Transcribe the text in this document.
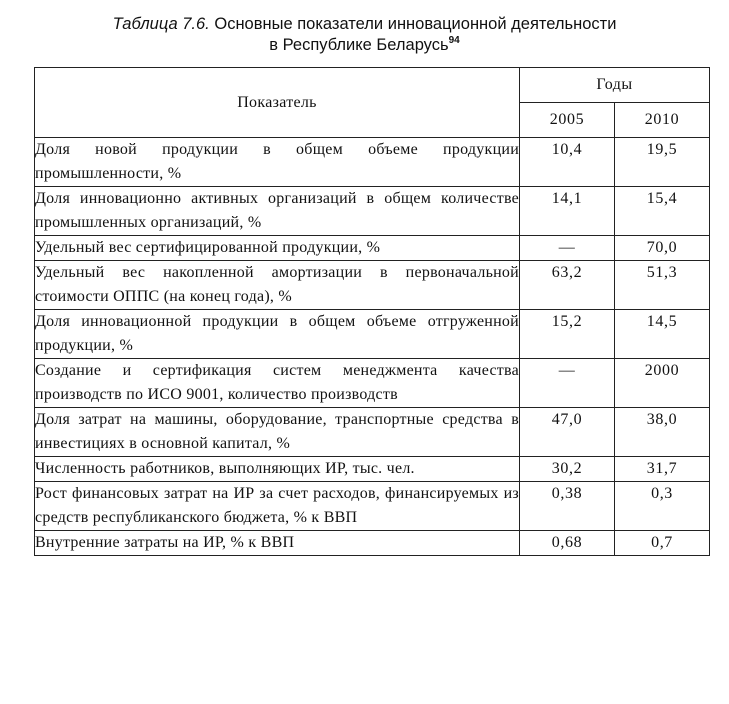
Таблица 7.6. Основные показатели инновационной деятельности
в Республике Беларусь$^{94}$
Показатель	Годы	
	2005	2010
Доля новой продукции в общем объеме продукции промышленности, %	10,4	19,5
Доля инновационно активных организаций в общем количестве промышленных организаций, %	14,1	15,4
Удельный вес сертифицированной продукции, %	—	70,0
Удельный вес накопленной амортизации в первоначальной стоимости ОППС (на конец года), %	63,2	51,3
Доля инновационной продукции в общем объеме отгруженной продукции, %	15,2	14,5
Создание и сертификация систем менеджмента качества производств по ИСО 9001, количество производств	—	2000
Доля затрат на машины, оборудование, транспортные средства в инвестициях в основной капитал, %	47,0	38,0
Численность работников, выполняющих ИР, тыс. чел.	30,2	31,7
Рост финансовых затрат на ИР за счет расходов, финансируемых из средств республиканского бюджета, % к ВВП	0,38	0,3
Внутренние затраты на ИР, % к ВВП	0,68	0,7
